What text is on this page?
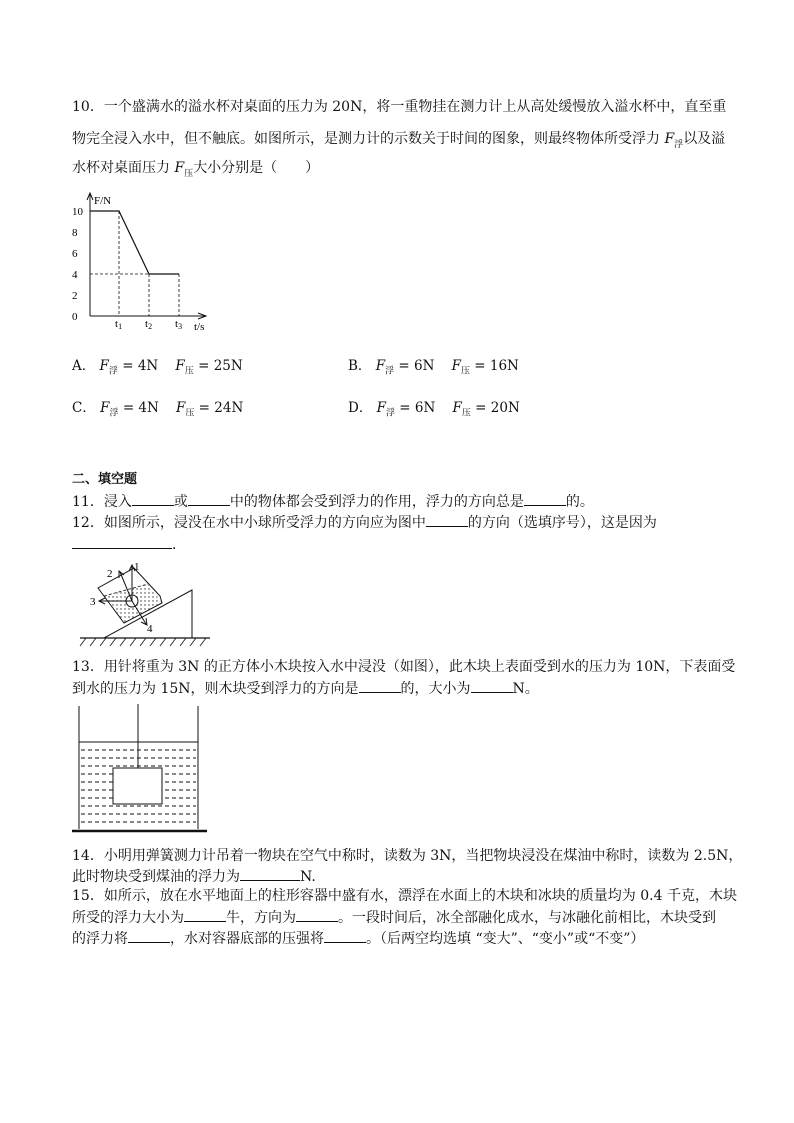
10．一个盛满水的溢水杯对桌面的压力为 20N，将一重物挂在测力计上从高处缓慢放入溢水杯中，直至重
物完全浸入水中，但不触底。如图所示，是测力计的示数关于时间的图象，则最终物体所受浮力 $F_浮$以及溢
水杯对桌面压力 $F_压$大小分别是（　　）
10
8
6
4
2
0
t1 t2 t3
F/N
t/s
A． $F_浮 = 4N$ $F_压 = 25N$	B． $F_浮 = 6N$ $F_压 = 16N$
C． $F_浮 = 4N$ $F_压 = 24N$	D． $F_浮 = 6N$ $F_压 = 20N$
二、填空题
11．浸入	或	中的物体都会受到浮力的作用，浮力的方向总是	的。
12．如图所示，浸没在水中小球所受浮力的方向应为图中	的方向（选填序号），这是因为
．
1
2
3
4
13．用针将重为 3N 的正方体小木块按入水中浸没（如图），此木块上表面受到水的压力为 10N，下表面受
到水的压力为 15N，则木块受到浮力的方向是	的，大小为	N。
14．小明用弹簧测力计吊着一物块在空气中称时，读数为 3N，当把物块浸没在煤油中称时，读数为 2.5N，
此时物块受到煤油的浮力为	N.
15．如所示，放在水平地面上的柱形容器中盛有水，漂浮在水面上的木块和冰块的质量均为 0.4 千克，木块
所受的浮力大小为	牛，方向为	。一段时间后，冰全部融化成水，与冰融化前相比，木块受到
的浮力将	，水对容器底部的压强将	。（后两空均选填 “变大”、“变小”或“不变”）
